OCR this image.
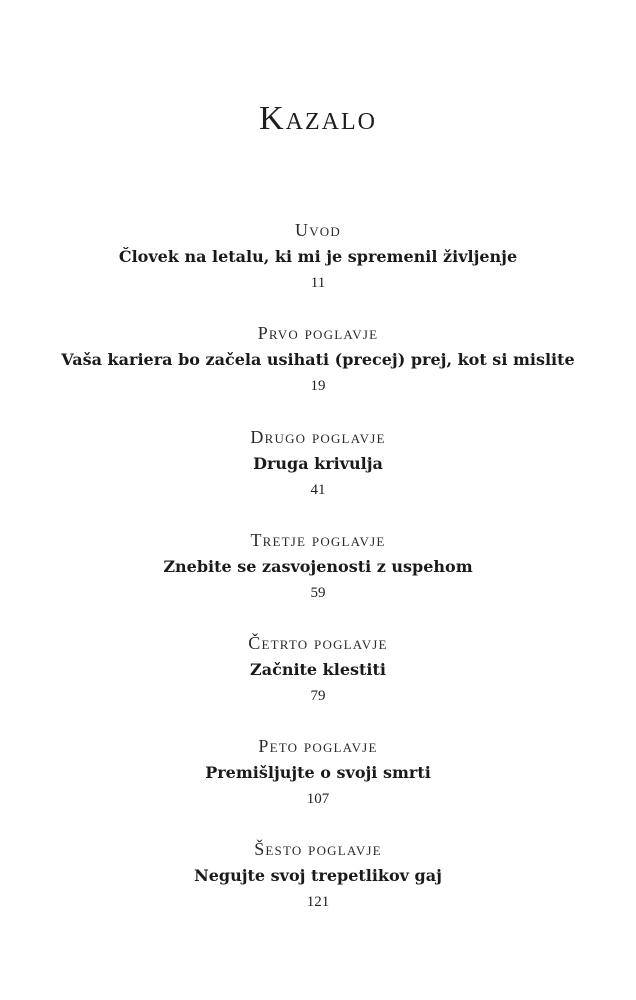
Kazalo
Uvod
Človek na letalu, ki mi je spremenil življenje
11
Prvo poglavje
Vaša kariera bo začela usihati (precej) prej, kot si mislite
19
Drugo poglavje
Druga krivulja
41
Tretje poglavje
Znebite se zasvojenosti z uspehom
59
Četrto poglavje
Začnite klestiti
79
Peto poglavje
Premišljujte o svoji smrti
107
Šesto poglavje
Negujte svoj trepetlikov gaj
121
